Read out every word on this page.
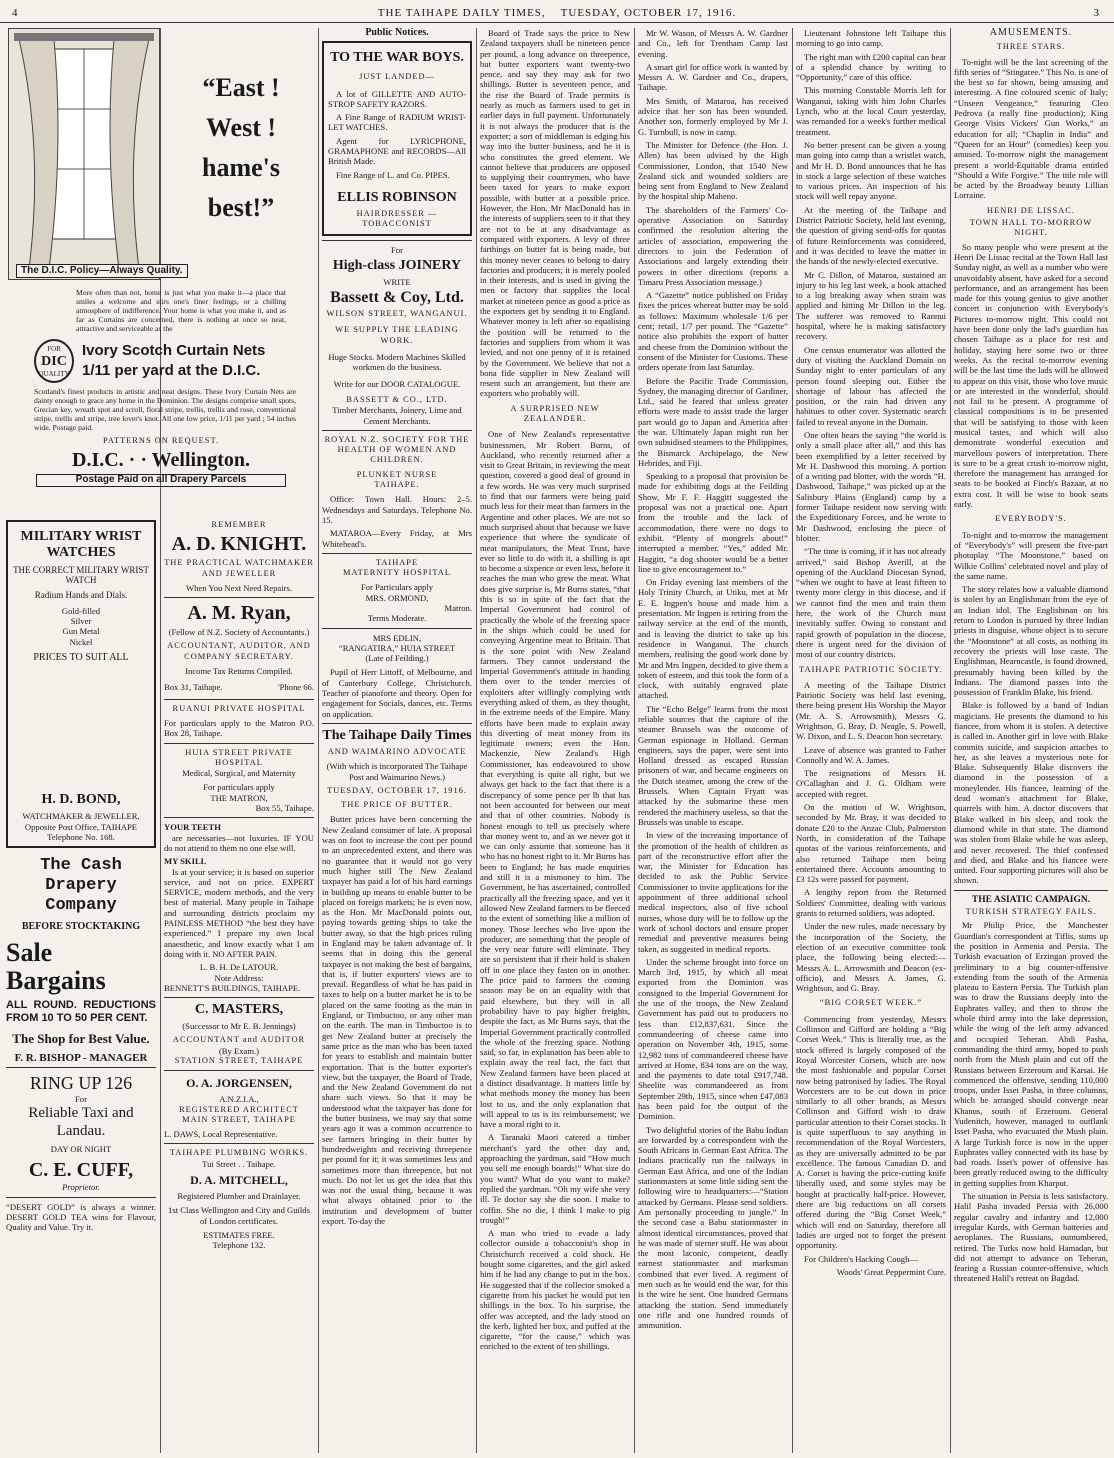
4	THE TAIHAPE DAILY TIMES, TUESDAY, OCTOBER 17, 1916.	3
“East !
West !
hame's
best!”
The D.I.C. Policy—Always Quality.
More often than not, home is just what you make it—a place that smiles a welcome and stirs one's finer feelings, or a chilling atmosphere of indifference. Your home is what you make it, and as far as Curtains are concerned, there is nothing at once so neat, attractive and serviceable as the
FOR
DIC
QUALITY
Ivory Scotch Curtain Nets
1/11 per yard at the D.I.C.
Scotland's finest products in artistic and neat designs. These Ivory Curtain Nets are dainty enough to grace any home in the Dominion. The designs comprise small spots, Grecian key, wreath spot and scroll, floral stripe, trellis, trellis and rose, conventional stripe, trellis and stripe, tree lover's knot. All one low price, 1/11 per yard ; 54 inches wide. Postage paid.
PATTERNS ON REQUEST.
D.I.C. · · Wellington.
Postage Paid on all Drapery Parcels
MILITARY WRIST WATCHES
THE CORRECT MILITARY WRIST WATCH
Radium Hands and Dials.
Gold-filled
Silver
Gun Metal
Nickel
PRICES TO SUIT ALL
H. D. BOND,
WATCHMAKER & JEWELLER,
Opposite Post Office, TAIHAPE
Telephone No. 168.
The Cash Drapery Company
BEFORE STOCKTAKING
Sale
Bargains
ALL ROUND. REDUCTIONS FROM 10 TO 50 PER CENT.
The Shop for Best Value.
F. R. BISHOP - MANAGER
RING UP 126
For
Reliable Taxi and Landau.
DAY OR NIGHT
C. E. CUFF,
Proprietor.
“DESERT GOLD” is always a winner. DESERT GOLD TEA wins for Flavour, Quality and Value. Try it.
REMEMBER
A. D. KNIGHT.
THE PRACTICAL WATCHMAKER AND JEWELLER
When You Next Need Repairs.
A. M. Ryan,
(Fellow of N.Z. Society of Accountants.)
ACCOUNTANT, AUDITOR, AND COMPANY SECRETARY.
Income Tax Returns Compiled.
Box 31, Taihape.	'Phone 66.
RUANUI PRIVATE HOSPITAL
For particulars apply to the Matron P.O. Box 28, Taihape.
HUIA STREET PRIVATE HOSPITAL
Medical, Surgical, and Maternity
For particulars apply
THE MATRON,
Box 55, Taihape.
YOUR TEETH

are necessaries—not luxuries. IF YOU do not attend to them no one else will.

MY SKILL

Is at your service; it is based on superior service, and not on price. EXPERT SERVICE, modern methods, and the very best of material. Many people in Taihape and surrounding districts proclaim my PAINLESS METHOD “the best they have experienced.” I prepare my own local anaesthetic, and know exactly what I am doing with it. NO AFTER PAIN.

L. B. H. De LATOUR.
Note Address:
BENNETT'S BUILDINGS, TAIHAPE.
C. MASTERS,
(Successor to Mr E. B. Jennings)
ACCOUNTANT and AUDITOR
(By Exam.)
STATION STREET, TAIHAPE
O. A. JORGENSEN,
A.N.Z.I.A.,
REGISTERED ARCHITECT
MAIN STREET, TAIHAPE
L. DAWS, Local Representative.
TAIHAPE PLUMBING WORKS.
Tui Street . . Taihape.
D. A. MITCHELL,
Registered Plumber and Drainlayer.
1st Class Wellington and City and Guilds of London certificates.
ESTIMATES FREE.
Telephone 132.
Public Notices.
TO THE WAR BOYS.
JUST LANDED—

A lot of GILLETTE AND AUTO-STROP SAFETY RAZORS.

A Fine Range of RADIUM WRIST-LET WATCHES.

Agent for LYRICPHONE, GRAMAPHONE and RECORDS—All British Made.

Fine Range of L. and Co. PIPES.

ELLIS ROBINSON
HAIRDRESSER — TOBACCONIST
For
High-class JOINERY
WRITE
Bassett & Coy, Ltd.
WILSON STREET, WANGANUI.
WE SUPPLY THE LEADING WORK.
Huge Stocks. Modern Machines Skilled workmen do the business.
Write for our DOOR CATALOGUE.
BASSETT & CO., LTD.
Timber Merchants, Joinery, Lime and Cement Merchants.
ROYAL N.Z. SOCIETY FOR THE HEALTH OF WOMEN AND CHILDREN.
PLUNKET NURSE
TAIHAPE.

Office: Town Hall. Hours: 2–5. Wednesdays and Saturdays. Telephone No. 15.

MATAROA—Every Friday, at Mrs Whitehead's.

TAIHAPE
MATERNITY HOSPITAL
For Particulars apply
MRS. ORMOND,
Matron.
Terms Moderate.
MRS EDLIN,
“RANGATIRA,” HUIA STREET
(Late of Feilding.)

Pupil of Herr Littoff, of Melbourne, and of Canterbury College, Christchurch. Teacher of pianoforte and theory. Open for engagement for Socials, dances, etc. Terms on application.

The Taihape Daily Times
AND WAIMARINO ADVOCATE
(With which is incorporated The Taihape Post and Waimarino News.)
TUESDAY, OCTOBER 17, 1916.
THE PRICE OF BUTTER.

Butter prices have been concerning the New Zealand consumer of late. A proposal was on foot to increase the cost per pound to an unprecedented extent, and there was no guarantee that it would not go very much higher still The New Zealand taxpayer has paid a lot of his hard earnings in building up means to enable butter to be placed on foreign markets; he is even now, as the Hon. Mr MacDonald points out, paying towards getting ships to take the butter away, so that the high prices ruling in England may be taken advantage of. It seems that in doing this the general taxpayer is not making the best of bargains, that is, if butter exporters' views are to prevail. Regardless of what he has paid in taxes to help on a butter market he is to be placed on the same footing as the man in England, or Timbuctoo, or any other man on the earth. The man in Timbuctoo is to get New Zealand butter at precisely the same price as the man who has been taxed for years to establish and maintain butter exportation. That is the butter exporter's view, but the taxpayer, the Board of Trade, and the New Zealand Government do not share such views. So that it may be understood what the taxpayer has done for the butter business, we may say that some years ago it was a common occurrence to see farmers bringing in their butter by hundredweights and receiving threepence per pound for it; it was sometimes less and sometimes more than threepence, but not much. Do not let us get the idea that this was not the usual thing, because it was what always obtained prior to the institution and development of butter export. To-day the

Board of Trade says the price to New Zealand taxpayers shall be nineteen pence per pound, a long advance on threepence, but butter exporters want twenty-two pence, and say they may ask for two shillings. Butter is seventeen pence, and the rise the Board of Trade permits is nearly as much as farmers used to get in earlier days in full payment. Unfortunately it is not always the producer that is the exporter; a sort of middleman is edging his way into the butter business, and he it is who constitutes the greed element. We cannot believe that producers are opposed to supplying their countrymen, who have been taxed for years to make export possible, with butter at a possible price. However, the Hon. Mr MacDonald has in the interests of suppliers seen to it that they are not to be at any disadvantage as compared with exporters. A levy of three farthings on butter fat is being made, but this money never ceases to belong to dairy factories and producers; it is merely pooled in their interests, and is used in giving the men or factory that supplies the local market at nineteen pence as good a price as the exporters get by sending it to England. Whatever money is left after so equalising the position will be returned to the factories and suppliers from whom it was levied, and not one penny of it is retained by the Government. We believe that not a bona fide supplier in New Zealand will resent such an arrangement, but there are exporters who probably will.

A SURPRISED NEW ZEALANDER.

One of New Zealand's representative businessmen, Mr Robert Burns, of Auckland, who recently returned after a visit to Great Britain, in reviewing the meat question, covered a good deal of ground in a few words. He was very much surprised to find that our farmers were being paid much less for their meat than farmers in the Argentine and other places. We are not so much surprised about that because we have experience that where the syndicate of meat manipulators, the Meat Trust, have ever so little to do with it, a shilling is apt to become a sixpence or even less, before it reaches the man who grew the meat. What does give surprise is, Mr Burns states, “that this is so in spite of the fact that the Imperial Government had control of practically the whole of the freezing space in the ships which could be used for conveying Argentine meat to Britain. That is the sore point with New Zealand farmers. They cannot understand the Imperial Government's attitude in handing them over to the tender mercies of exploiters after willingly complying with everything asked of them, as they thought, in the extreme needs of the Empire. Many efforts have been made to explain away this diverting of meat money from its legitimate owners; even the Hon. Mackenzie, New Zealand's High Commissioner, has endeavoured to show that everything is quite all right, but we always get back to the fact that there is a discrepancy of some pence per lb that has not been accounted for between our meat and that of other countries. Nobody is honest enough to tell us precisely where that money went to, and as we never got it we can only assume that someone has it who has no honest right to it. Mr Burns has been to England; he has made enquiries and still it is a mismoney to him. The Government, he has ascertained, controlled practically all the freezing space, and yet it allowed New Zealand farmers to be fleeced to the extent of something like a million of money. Those leeches who live upon the producer, are something that the people of the very near future will eliminate. They are so persistent that if their hold is shaken off in one place they fasten on in another. The price paid to farmers the coming season may be on an equality with that paid elsewhere, but they will in all probability have to pay higher freights, despite the fact, as Mr Burns says, that the Imperial Government practically controlled the whole of the freezing space. Nothing said, so far, in explanation has been able to explain away the real fact, the fact that New Zealand farmers have been placed at a distinct disadvantage. It matters little by what methods money the money has been lost to us, and the only explanation that will appeal to us is its reimbursement; we have a moral right to it.

A Taranaki Maori catered a timber merchant's yard the other day and, approaching the yardman, said “How much you sell me enough boards!” What size do you want? What do you want to make? replied the yardman. “Oh my wife she very ill. Te doctor say she die soon. I make to coffin. She no die, I think I make to pig trough!”

A man who tried to evade a lady collector outside a tobacconist's shop in Christchurch received a cold shock. He bought some cigarettes, and the girl asked him if he had any change to put in the box. He suggested that if the collector smoked a cigarette from his packet he would put ten shillings in the box. To his surprise, the offer was accepted, and the lady stood on the kerb, lighted her box, and puffed at the cigarette, “for the cause,” which was enriched to the extent of ten shillings.

Mr W. Wason, of Messrs A. W. Gardner and Co., left for Trentham Camp last evening.

A smart girl for office work is wanted by Messrs A. W. Gardner and Co., drapers, Taihape.

Mrs Smith, of Mataroa, has received advice that her son has been wounded. Another son, formerly employed by Mr J. G. Turnbull, is now in camp.

The Minister for Defence (the Hon. J. Allen) has been advised by the High Commissioner, London, that 1540 New Zealand sick and wounded soldiers are being sent from England to New Zealand by the hospital ship Maheno.

The shareholders of the Farmers' Co-operative Association on Saturday confirmed the resolution altering the articles of association, empowering the directors to join the Federation of Associations and largely extending their powers in other directions (reports a Timaru Press Association message.)

A “Gazette” notice published on Friday fixes the prices whereat butter may be sold as follows: Maximum wholesale 1/6 per cent; retail, 1/7 per pound. The “Gazette” notice also prohibits the export of butter and cheese from the Dominion without the consent of the Minister for Customs. These orders operate from last Saturday.

Before the Pacific Trade Commission, Sydney, the managing director of Gardiner, Ltd., said he feared that unless greater efforts were made to assist trade the larger part would go to Japan and America after the war. Ultimately Japan might run her own subsidised steamers to the Philippines, the Bismarck Archipelago, the New Hebrides, and Fiji.

Speaking to a proposal that provision be made for exhibiting dogs at the Feilding Show, Mr F. F. Haggitt suggested the proposal was not a practical one. Apart from the trouble and the lack of accommodation, there were no dogs to exhibit. “Plenty of mongrels about!” interrupted a member. “Yes,” added Mr. Haggitt, “a dog shooter would be a better line to give encouragement to.”

On Friday evening last members of the Holy Trinity Church, at Utiku, met at Mr E. E. Ingpen's house and made him a presentation. Mr Ingpen is retiring from the railway service at the end of the month, and is leaving the district to take up his residence in Wanganui. The church members, realising the good work done by Mr and Mrs Ingpen, decided to give them a token of esteem, and this took the form of a clock, with suitably engraved plate attached.

The “Echo Belge” learns from the most reliable sources that the capture of the steamer Brussels was the outcome of German espionage in Holland. German engineers, says the paper, were sent into Holland dressed as escaped Russian prisoners of war, and became engineers on the Dutch steamer, among the crew of the Brussels. When Captain Fryatt was attacked by the submarine these men rendered the machinery useless, so that the Brussels was unable to escape.

In view of the increasing importance of the promotion of the health of children as part of the reconstructive effort after the war, the Minister for Education has decided to ask the Public Service Commissioner to invite applications for the appointment of three additional school medical inspectors, also of five school nurses, whose duty will be to follow up the work of school doctors and ensure proper remedial and preventive measures being taken, as suggested in medical reports.

Under the scheme brought into force on March 3rd, 1915, by which all meat exported from the Dominion was consigned to the Imperial Government for the use of the troops, the New Zealand Government has paid out to producers no less than £12,837,631. Since the commandeering of cheese came into operation on November 4th, 1915, some 12,982 tons of commandeered cheese have arrived at Home, 834 tons are on the way, and the payments to date total £917,748. Sheelite was commandeered as from September 29th, 1915, since when £47,083 has been paid for the output of the Dominion.

Two delightful stories of the Babu Indian are forwarded by a correspondent with the South Africans in German East Africa. The Indians practically run the railways in German East Africa, and one of the Indian stationmasters at some little siding sent the following wire to headquarters:—“Station attacked by Germans. Please send soldiers. Am personally proceeding to jungle.” In the second case a Babu stationmaster in almost identical circumstances, proved that he was made of sterner stuff. He was about the most laconic, competent, deadly earnest stationmaster and marksman combined that ever lived. A regiment of men such as he would end the war, for this is the wire he sent. One hundred Germans attacking the station. Send immediately one rifle and one hundred rounds of ammunition.

Lieutenant Johnstone left Taihape this morning to go into camp.

The right man with £200 capital can hear of a splendid chance by writing to “Opportunity,” care of this office.

This morning Constable Morris left for Wanganui, taking with him John Charles Lynch, who at the local Court yesterday, was remanded for a week's further medical treatment.

No better present can be given a young man going into camp than a wristlet watch, and Mr H. D. Bond announces that he has in stock a large selection of these watches to various prices. An inspection of his stock will well repay anyone.

At the meeting of the Taihape and District Patriotic Society, held last evening, the question of giving send-offs for quotas of future Reinforcements was considered, and it was decided to leave the matter in the hands of the newly-elected executive.

Mr C. Dillon, of Mataroa, sustained an injury to his leg last week, a hook attached to a log breaking away when strain was applied and hitting Mr Dillon in the leg. The sufferer was removed to Rannui hospital, where he is making satisfactory recovery.

One census enumerator was allotted the duty of visiting the Auckland Domain on Sunday night to enter particulars of any person found sleeping out. Either the shortage of labour has affected the position, or the rain had driven any habitues to other cover. Systematic search failed to reveal anyone in the Domain.

One often hears the saying “the world is only a small place after all,” and this has been exemplified by a letter received by Mr H. Dashwood this morning. A portion of a writing pad blotter, with the words “H. Dashwood, Taihape,” was picked up at the Salisbury Plains (England) camp by a former Taihape resident now serving with the Expeditionary Forces, and he wrote to Mr Dashwood, enclosing the piece of blotter.

“The time is coming, if it has not already arrived,” said Bishop Averill, at the opening of the Auckland Diocesan Synod, “when we ought to have at least fifteen to twenty more clergy in this diocese, and if we cannot find the men and train them here, the work of the Church must inevitably suffer. Owing to constant and rapid growth of population in the diocese, there is urgent need for the division of most of our country districts.

TAIHAPE PATRIOTIC SOCIETY.

A meeting of the Taihape District Patriotic Society was held last evening, there being present His Worship the Mayor (Mr. A. S. Arrowsmith), Messrs G. Wrightson, G. Bray, D. Neagle, S. Powell, W. Dixon, and L. S. Deacon hon secretary.

Leave of absence was granted to Father Connolly and W. A. James.

The resignations of Messrs H. O'Callaghan and J. G. Oldham were accepted with regret.

On the motion of W. Wrightson, seconded by Mr. Bray, it was decided to donate £20 to the Anzac Club, Palmerston North, in consideration of the Taihape quotas of the various reinforcements, and also returned Taihape men being entertained there. Accounts amounting to £3 12s were passed for payment.

A lengthy report from the Returned Soldiers' Committee, dealing with various grants to returned soldiers, was adopted.

Under the new rules, made necessary by the incorporation of the Society, the election of an executive committee took place, the following being elected:—Messrs A. L. Arrowsmith and Deacon (ex-officio), and Messrs A. James, G. Wrightson, and G. Bray.

“BIG CORSET WEEK.”

Commencing from yesterday, Messrs Collinson and Gifford are holding a “Big Corset Week.” This is literally true, as the stock offered is largely composed of the Royal Worcester Corsets, which are now the most fashionable and popular Corset now being patronised by ladies. The Royal Worcesters are to be cut down in price similarly to all other brands, as Messrs Collinson and Gifford wish to draw particular attention to their Corset stocks. It is quite superfluous to say anything in recommendation of the Royal Worcesters, as they are universally admitted to be par excellence. The famous Canadian D. and A. Corset is having the price-cutting knife liberally used, and some styles may be bought at practically half-price. However, there are big reductions on all corsets offered during the “Big Corset Week,” which will end on Saturday, therefore all ladies are urged not to forget the present opportunity.

For Children's Hacking Cough—

Woods' Great Peppermint Cure.
AMUSEMENTS.
THREE STARS.

To-night will be the last screening of the fifth series of “Stingaree.” This No. is one of the best so far shown, being amusing and interesting. A fine coloured scenic of Italy; “Unseen Vengeance,” featuring Cleo Pedrova (a really fine production); King George Visits Vickers' Gun Works,” an education for all; “Chaplin in India” and “Queen for an Hour” (comedies) keep you amused. To-morrow night the management present a world-Equitable drama entitled “Should a Wife Forgive.” The title role will be acted by the Broadway beauty Lillian Lorraine.

HENRI DE LISSAC.
TOWN HALL TO-MORROW NIGHT.

So many people who were present at the Henri De Lissac recital at the Town Hall last Sunday night, as well as a number who were unavoidably absent, have asked for a second performance, and an arrangement has been made for this young genius to give another concert in conjunction with Everybody's Pictures to-morrow night. This could not have been done only the lad's guardian has chosen Taihape as a place for rest and holiday, staying here some two or three weeks. As the recital to-morrow evening will be the last time the lads will be allowed to appear on this visit, those who love music or are interested in the wonderful, should not fail to be present. A programme of classical compositions is to be presented that will be satisfying to those with keen musical tastes, and which will also demonstrate wonderful execution and marvellous powers of interpretation. There is sure to be a great crush to-morrow night, therefore the management has arranged for seats to be booked at Finch's Bazaar, at no extra cost. It will be wise to book seats early.

EVERYBODY'S.

To-night and to-morrow the management of “Everybody's” will present the five-part photoplay “The Moonstone,” based on Wilkie Collins' celebrated novel and play of the same name.

The story relates how a valuable diamond is stolen by an Englishman from the eye of an Indian idol. The Englishman on his return to London is pursued by three Indian priests in disguise, whose object is to secure the “Moonstone” at all costs, as nothing its recovery the priests will lose caste. The Englishman, Hearncastle, is found drowned, presumably having been killed by the Indians. The diamond passes into the possession of Franklin Blake, his friend.

Blake is followed by a band of Indian magicians. He presents the diamond to his fiancee, from whom it is stolen. A detective is called in. Another girl in love with Blake commits suicide, and suspicion attaches to her, as she leaves a mysterious note for Blake. Subsequently Blake discovers the diamond in the possession of a moneylender. His fiancee, learning of the dead woman's attachment for Blake, quarrels with him. A doctor discovers that Blake walked in his sleep, and took the diamond while in that state. The diamond was stolen from Blake while he was asleep, and never recovered. The thief confessed and died, and Blake and his fiancee were united. Four supporting pictures will also be shown.

THE ASIATIC CAMPAIGN.
TURKISH STRATEGY FAILS.

Mr Philip Price, the Manchester Guardian's correspondent at Tiflis, sums up the position in Armenia and Persia. The Turkish evacuation of Erzingan proved the preliminary to a big counter-offensive extending from the south of the Armenia plateau to Eastern Persia. The Turkish plan was to draw the Russians deeply into the Euphrates valley, and then to throw the whole third army into the lake depression, while the wing of the left army advanced and occupied Teheran. Abdi Pasha, commanding the third army, hoped to push north from the Mush plain and cut off the Russians between Erzeroum and Karsai. He commenced the offensive, sending 110,000 troops, under Isset Pasha, in three columns, which he arranged should converge near Khanus, south of Erzeroum. General Yudenitch, however, managed to outflank Isset Pasha, who evacuated the Mush plain. A large Turkish force is now in the upper Euphrates valley connected with its base by bad roads. Isset's power of offensive has been greatly reduced owing to the difficulty in getting supplies from Kharput.

The situation in Persia is less satisfactory. Halil Pasha invaded Persia with 26,000 regular cavalry and infantry and 12,000 irregular Kurds, with German batteries and aeroplanes. The Russians, outnumbered, retired. The Turks now hold Hamadan, but did not attempt to advance on Teheran, fearing a Russian counter-offensive, which threatened Halil's retreat on Bagdad.
